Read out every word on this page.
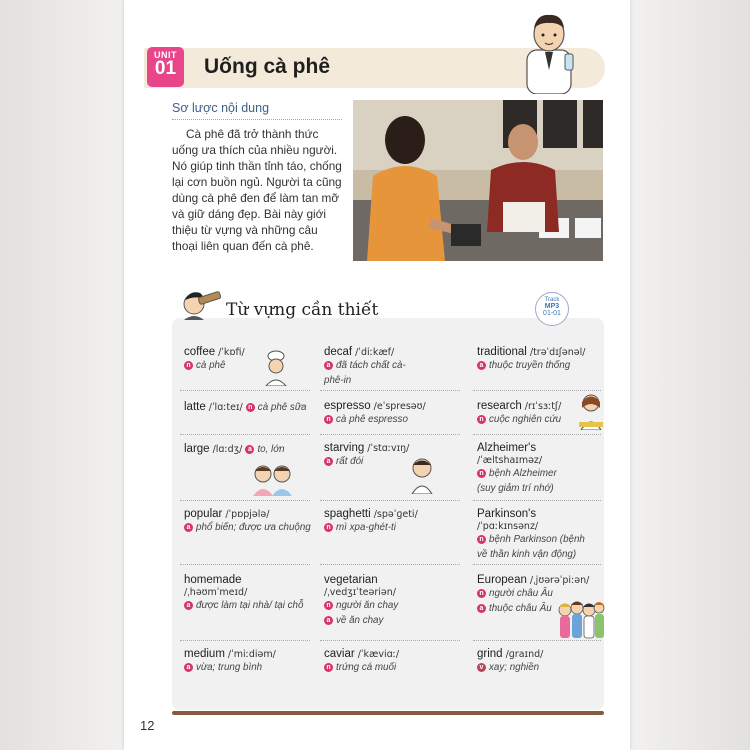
UNIT
01	Uống cà phê
Sơ lược nội dung
Cà phê đã trở thành thức uống ưa thích của nhiều người. Nó giúp tinh thần tỉnh táo, chống lại cơn buồn ngủ. Người ta cũng dùng cà phê đen để làm tan mỡ và giữ dáng đẹp. Bài này giới thiệu từ vựng và những câu thoại liên quan đến cà phê.
Từ vựng cần thiết	Track
MP3
01-01
coffee /ˈkɒfi/
n cà phê
latte /ˈlɑːteɪ/ n cà phê sữa
large /lɑːdʒ/ a to, lớn
popular /ˈpɒpjələ/
a phổ biến; được ưa chuộng
homemade
/ˌhəʊmˈmeɪd/
a được làm tại nhà/ tại chỗ
medium /ˈmiːdiəm/
a vừa; trung bình
decaf /ˈdiːkæf/
a đã tách chất cà-phê-in
espresso /eˈspresəʊ/
n cà phê espresso
starving /ˈstɑːvɪŋ/
a rất đói
spaghetti /spəˈɡeti/
n mì xpa-ghét-ti
vegetarian
/ˌvedʒɪˈteəriən/
n người ăn chay
a về ăn chay
caviar /ˈkæviɑː/
n trứng cá muối
traditional /trəˈdɪʃənəl/
a thuộc truyền thống
research /rɪˈsɜːtʃ/
n cuộc nghiên cứu
Alzheimer's
/ˈæltshaɪməz/
n bệnh Alzheimer (suy giảm trí nhớ)
Parkinson's
/ˈpɑːkɪnsənz/
n bệnh Parkinson (bệnh về thần kinh vận động)
European /ˌjʊərəˈpiːən/
n người châu Âu
a thuộc châu Âu
grind /ɡraɪnd/
v xay; nghiền
12
